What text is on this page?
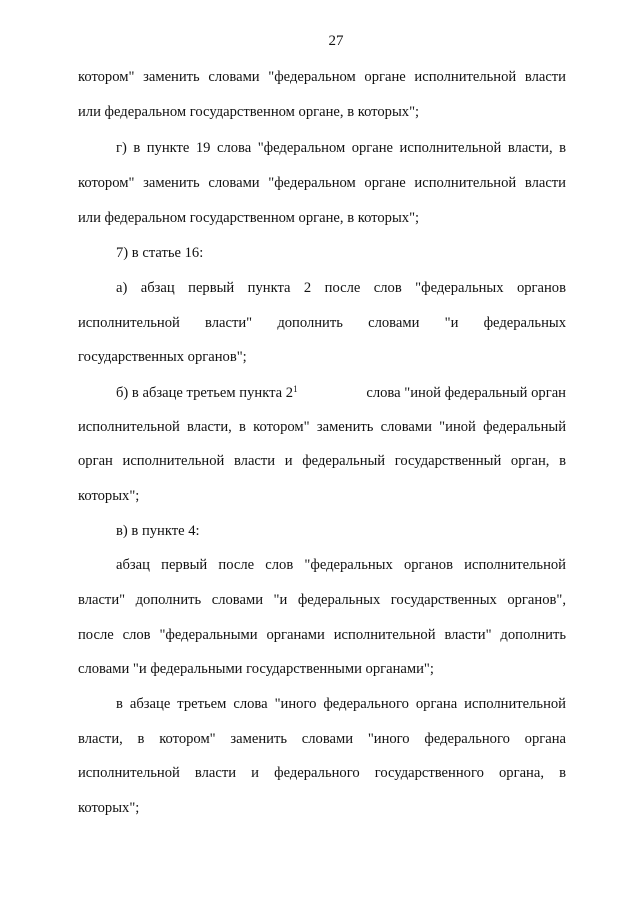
27
котором" заменить словами "федеральном органе исполнительной власти
или федеральном государственном органе, в которых";
г) в пункте 19 слова "федеральном органе исполнительной власти, в
котором" заменить словами "федеральном органе исполнительной власти
или федеральном государственном органе, в которых";
7) в статье 16:
а) абзац первый пункта 2 после слов "федеральных органов
исполнительной власти" дополнить словами "и федеральных
государственных органов";
б) в абзаце третьем пункта $2^1$	слова "иной федеральный орган
исполнительной власти, в котором" заменить словами "иной федеральный
орган исполнительной власти и федеральный государственный орган, в
которых";
в) в пункте 4:
абзац первый после слов "федеральных органов исполнительной
власти" дополнить словами "и федеральных государственных органов",
после слов "федеральными органами исполнительной власти" дополнить
словами "и федеральными государственными органами";
в абзаце третьем слова "иного федерального органа исполнительной
власти, в котором" заменить словами "иного федерального органа
исполнительной власти и федерального государственного органа, в
которых";
